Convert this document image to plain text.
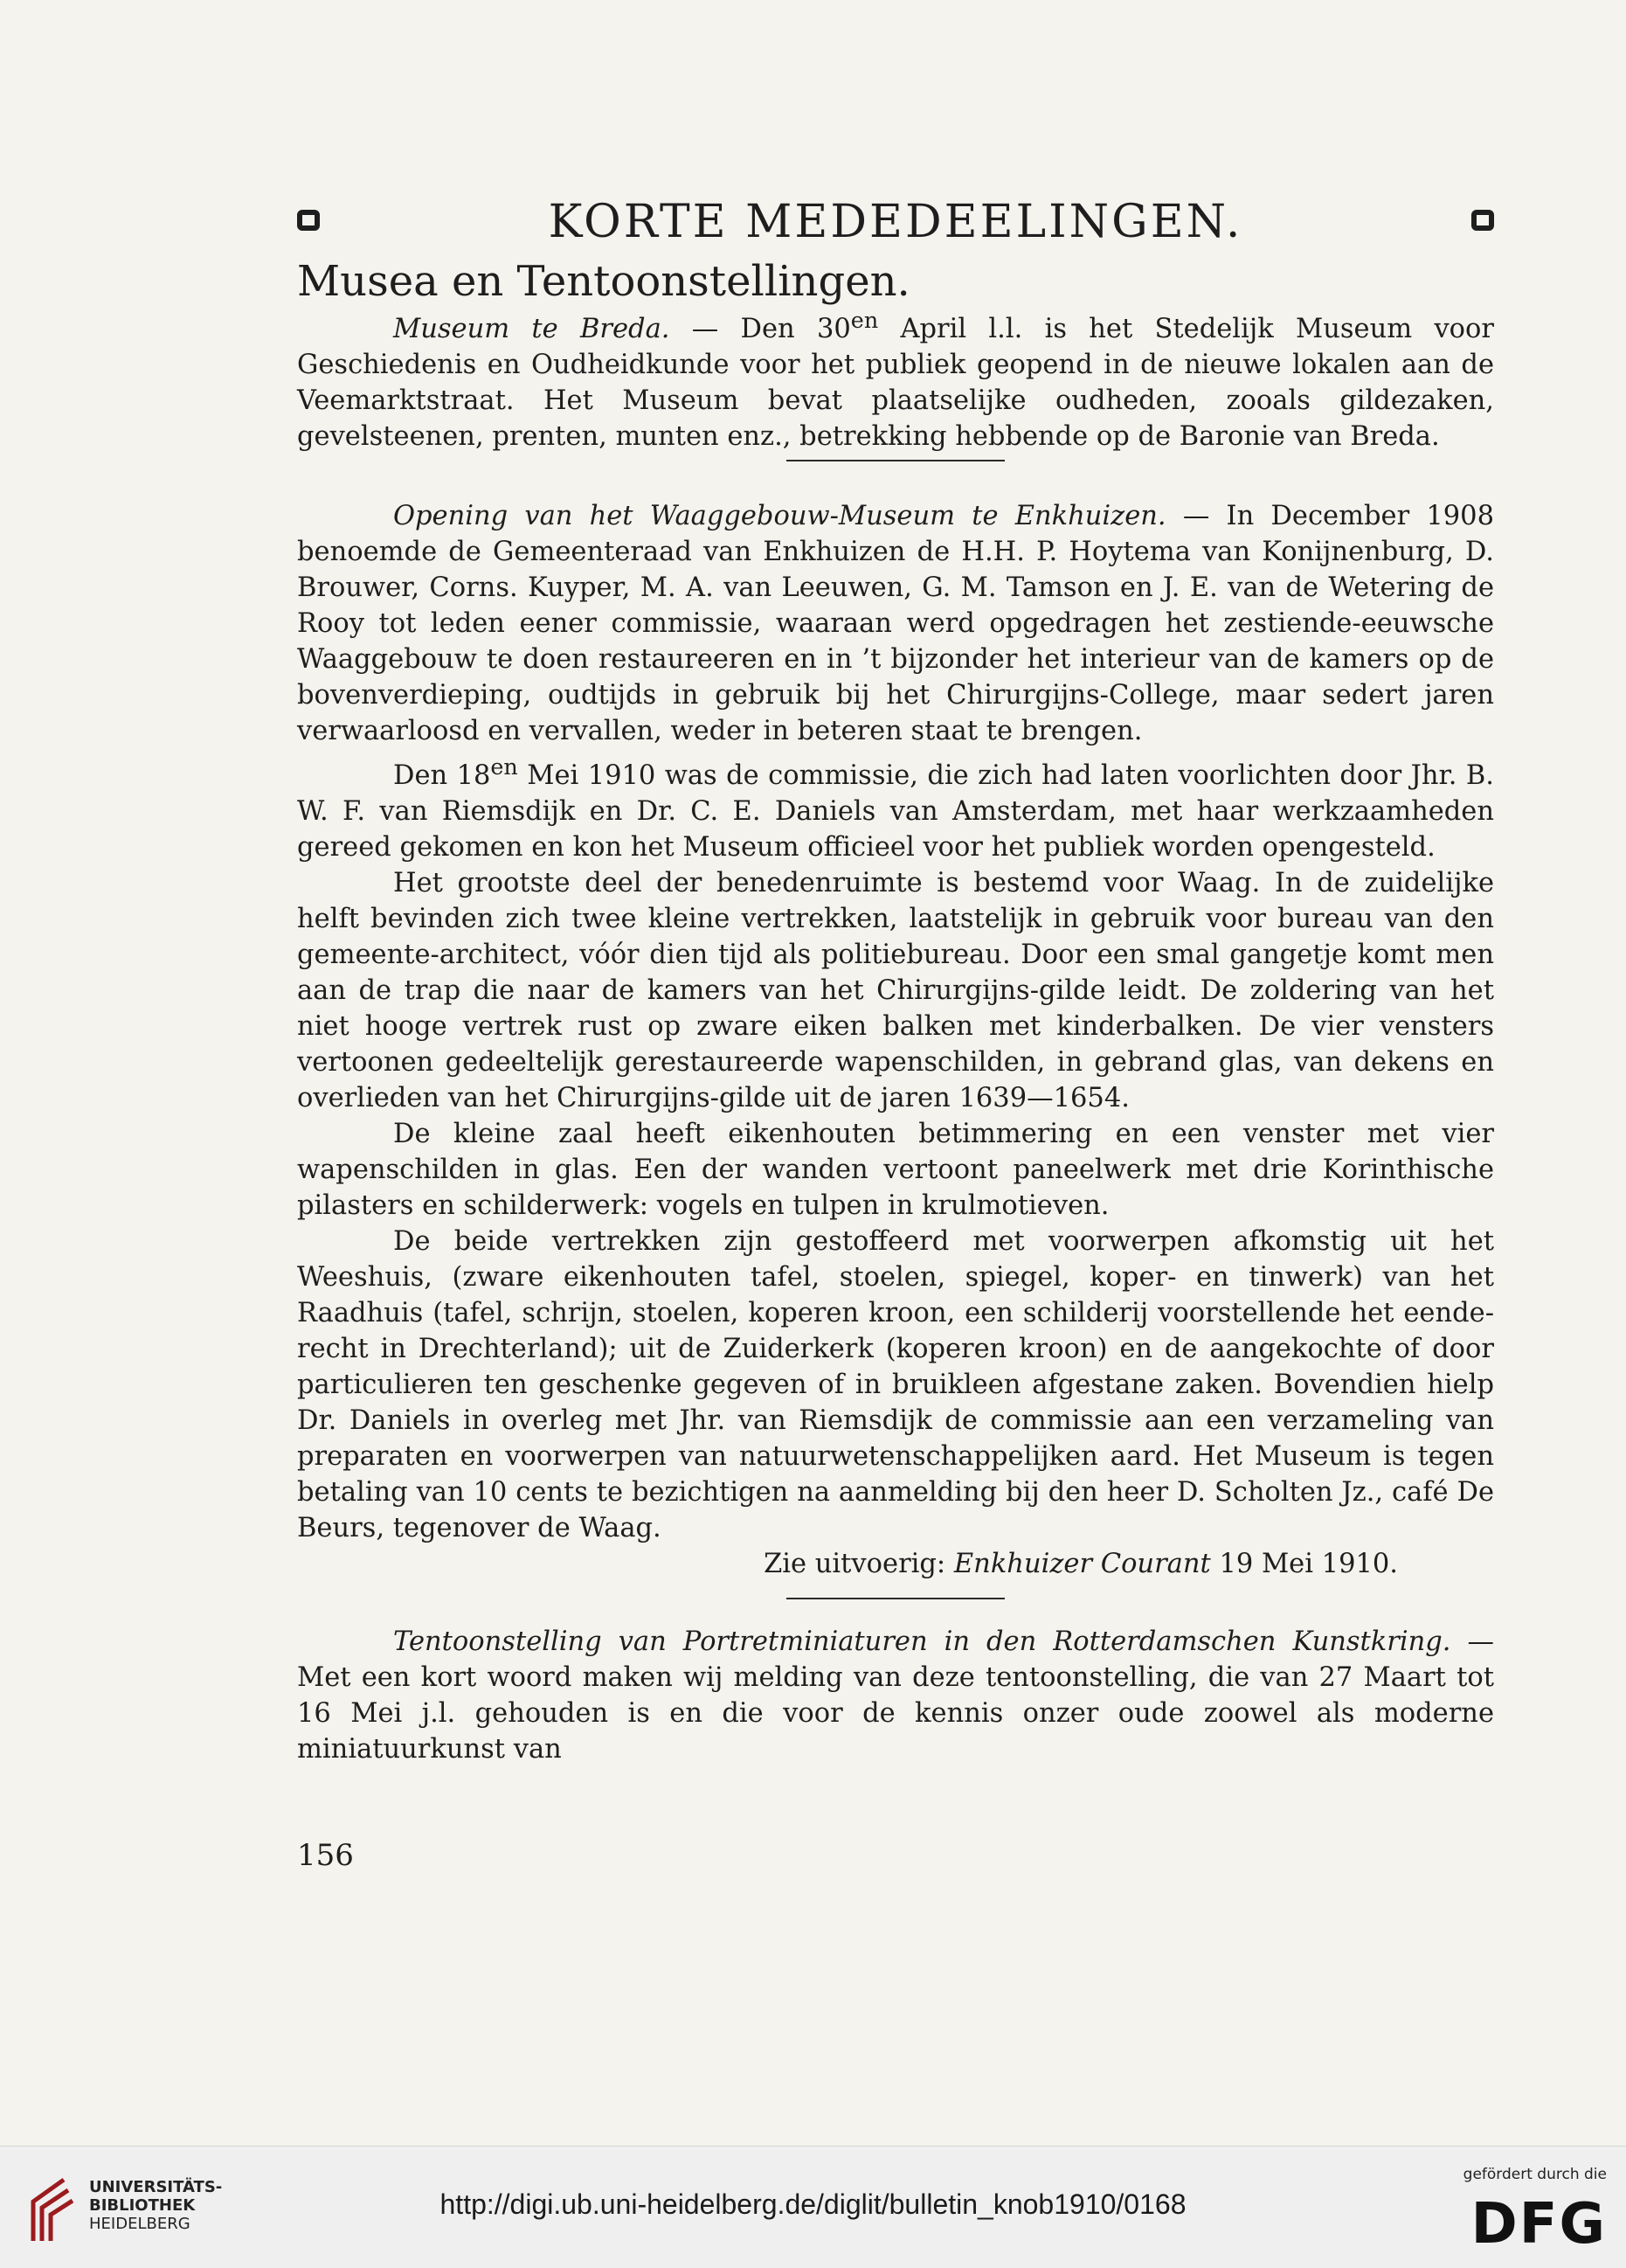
KORTE MEDEDEELINGEN.
Musea en Tentoonstellingen.

Museum te Breda. — Den $30^{en}$ April l.l. is het Stedelijk Museum voor Geschiedenis en Oudheidkunde voor het publiek geopend in de nieuwe lokalen aan de Veemarktstraat. Het Museum bevat plaatselijke oudheden, zooals gildezaken, gevelsteenen, prenten, munten enz., betrekking hebbende op de Baronie van Breda.

Opening van het Waaggebouw-Museum te Enkhuizen. — In December 1908 benoemde de Gemeenteraad van Enkhuizen de H.H. P. Hoytema van Konijnenburg, D. Brouwer, Corns. Kuyper, M. A. van Leeuwen, G. M. Tamson en J. E. van de Wetering de Rooy tot leden eener commissie, waaraan werd opgedragen het zestiende-eeuwsche Waaggebouw te doen restaureeren en in ’t bijzonder het interieur van de kamers op de bovenverdieping, oudtijds in gebruik bij het Chirurgijns-College, maar sedert jaren verwaarloosd en vervallen, weder in beteren staat te brengen.

Den $18^{en}$ Mei 1910 was de commissie, die zich had laten voorlichten door Jhr. B. W. F. van Riemsdijk en Dr. C. E. Daniels van Amsterdam, met haar werkzaamheden gereed gekomen en kon het Museum officieel voor het publiek worden opengesteld.

Het grootste deel der benedenruimte is bestemd voor Waag. In de zuidelijke helft bevinden zich twee kleine vertrekken, laatstelijk in gebruik voor bureau van den gemeente-architect, vóór dien tijd als politiebureau. Door een smal gangetje komt men aan de trap die naar de kamers van het Chirurgijns-gilde leidt. De zoldering van het niet hooge vertrek rust op zware eiken balken met kinderbalken. De vier vensters vertoonen gedeeltelijk gerestaureerde wapenschilden, in gebrand glas, van dekens en overlieden van het Chirurgijns-gilde uit de jaren 1639—1654.

De kleine zaal heeft eikenhouten betimmering en een venster met vier wapenschilden in glas. Een der wanden vertoont paneelwerk met drie Korinthische pilasters en schilderwerk: vogels en tulpen in krulmotieven.

De beide vertrekken zijn gestoffeerd met voorwerpen afkomstig uit het Weeshuis, (zware eikenhouten tafel, stoelen, spiegel, koper- en tinwerk) van het Raadhuis (tafel, schrijn, stoelen, koperen kroon, een schilderij voorstellende het eende-recht in Drechterland); uit de Zuiderkerk (koperen kroon) en de aangekochte of door particulieren ten geschenke gegeven of in bruikleen afgestane zaken. Bovendien hielp Dr. Daniels in overleg met Jhr. van Riemsdijk de commissie aan een verzameling van preparaten en voorwerpen van natuurwetenschappelijken aard. Het Museum is tegen betaling van 10 cents te bezichtigen na aanmelding bij den heer D. Scholten Jz., café De Beurs, tegenover de Waag.

Zie uitvoerig: Enkhuizer Courant 19 Mei 1910.

Tentoonstelling van Portretminiaturen in den Rotterdamschen Kunstkring. — Met een kort woord maken wij melding van deze tentoonstelling, die van 27 Maart tot 16 Mei j.l. gehouden is en die voor de kennis onzer oude zoowel als moderne miniatuurkunst van

156
UNIVERSITÄTS-
BIBLIOTHEK
HEIDELBERG
http://digi.ub.uni-heidelberg.de/diglit/bulletin_knob1910/0168
gefördert durch die
DFG
